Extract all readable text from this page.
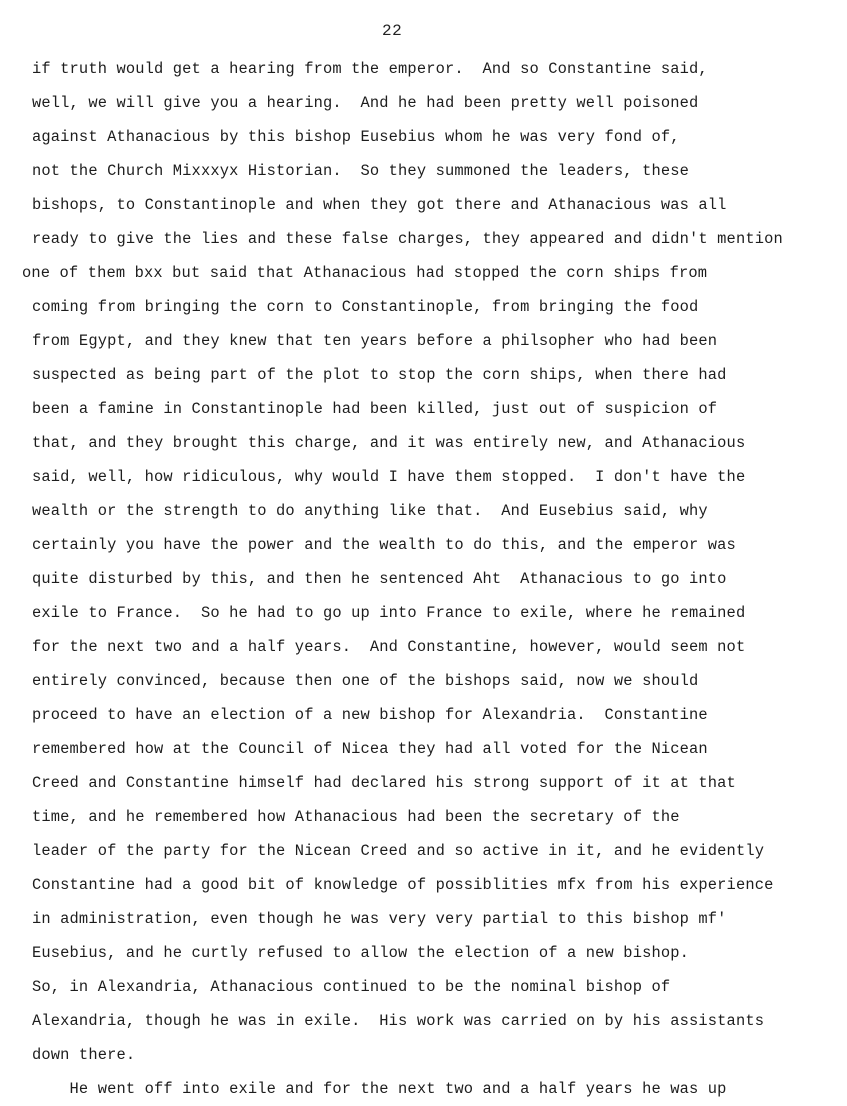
22
if truth would get a hearing from the emperor.  And so Constantine said,
well, we will give you a hearing.  And he had been pretty well poisoned
against Athanacious by this bishop Eusebius whom he was very fond of,
not the Church Mixxxyx Historian.  So they summoned the leaders, these
bishops, to Constantinople and when they got there and Athanacious was all
ready to give the lies and these false charges, they appeared and didn't mention
one of them bxx but said that Athanacious had stopped the corn ships from
coming from bringing the corn to Constantinople, from bringing the food
from Egypt, and they knew that ten years before a philsopher who had been
suspected as being part of the plot to stop the corn ships, when there had
been a famine in Constantinople had been killed, just out of suspicion of
that, and they brought this charge, and it was entirely new, and Athanacious
said, well, how ridiculous, why would I have them stopped.  I don't have the
wealth or the strength to do anything like that.  And Eusebius said, why
certainly you have the power and the wealth to do this, and the emperor was
quite disturbed by this, and then he sentenced Aht  Athanacious to go into
exile to France.  So he had to go up into France to exile, where he remained
for the next two and a half years.  And Constantine, however, would seem not
entirely convinced, because then one of the bishops said, now we should
proceed to have an election of a new bishop for Alexandria.  Constantine
remembered how at the Council of Nicea they had all voted for the Nicean
Creed and Constantine himself had declared his strong support of it at that
time, and he remembered how Athanacious had been the secretary of the
leader of the party for the Nicean Creed and so active in it, and he evidently
Constantine had a good bit of knowledge of possiblities mfx from his experience
in administration, even though he was very very partial to this bishop mf'
Eusebius, and he curtly refused to allow the election of a new bishop.
So, in Alexandria, Athanacious continued to be the nominal bishop of
Alexandria, though he was in exile.  His work was carried on by his assistants
down there.
He went off into exile and for the next two and a half years he was up
